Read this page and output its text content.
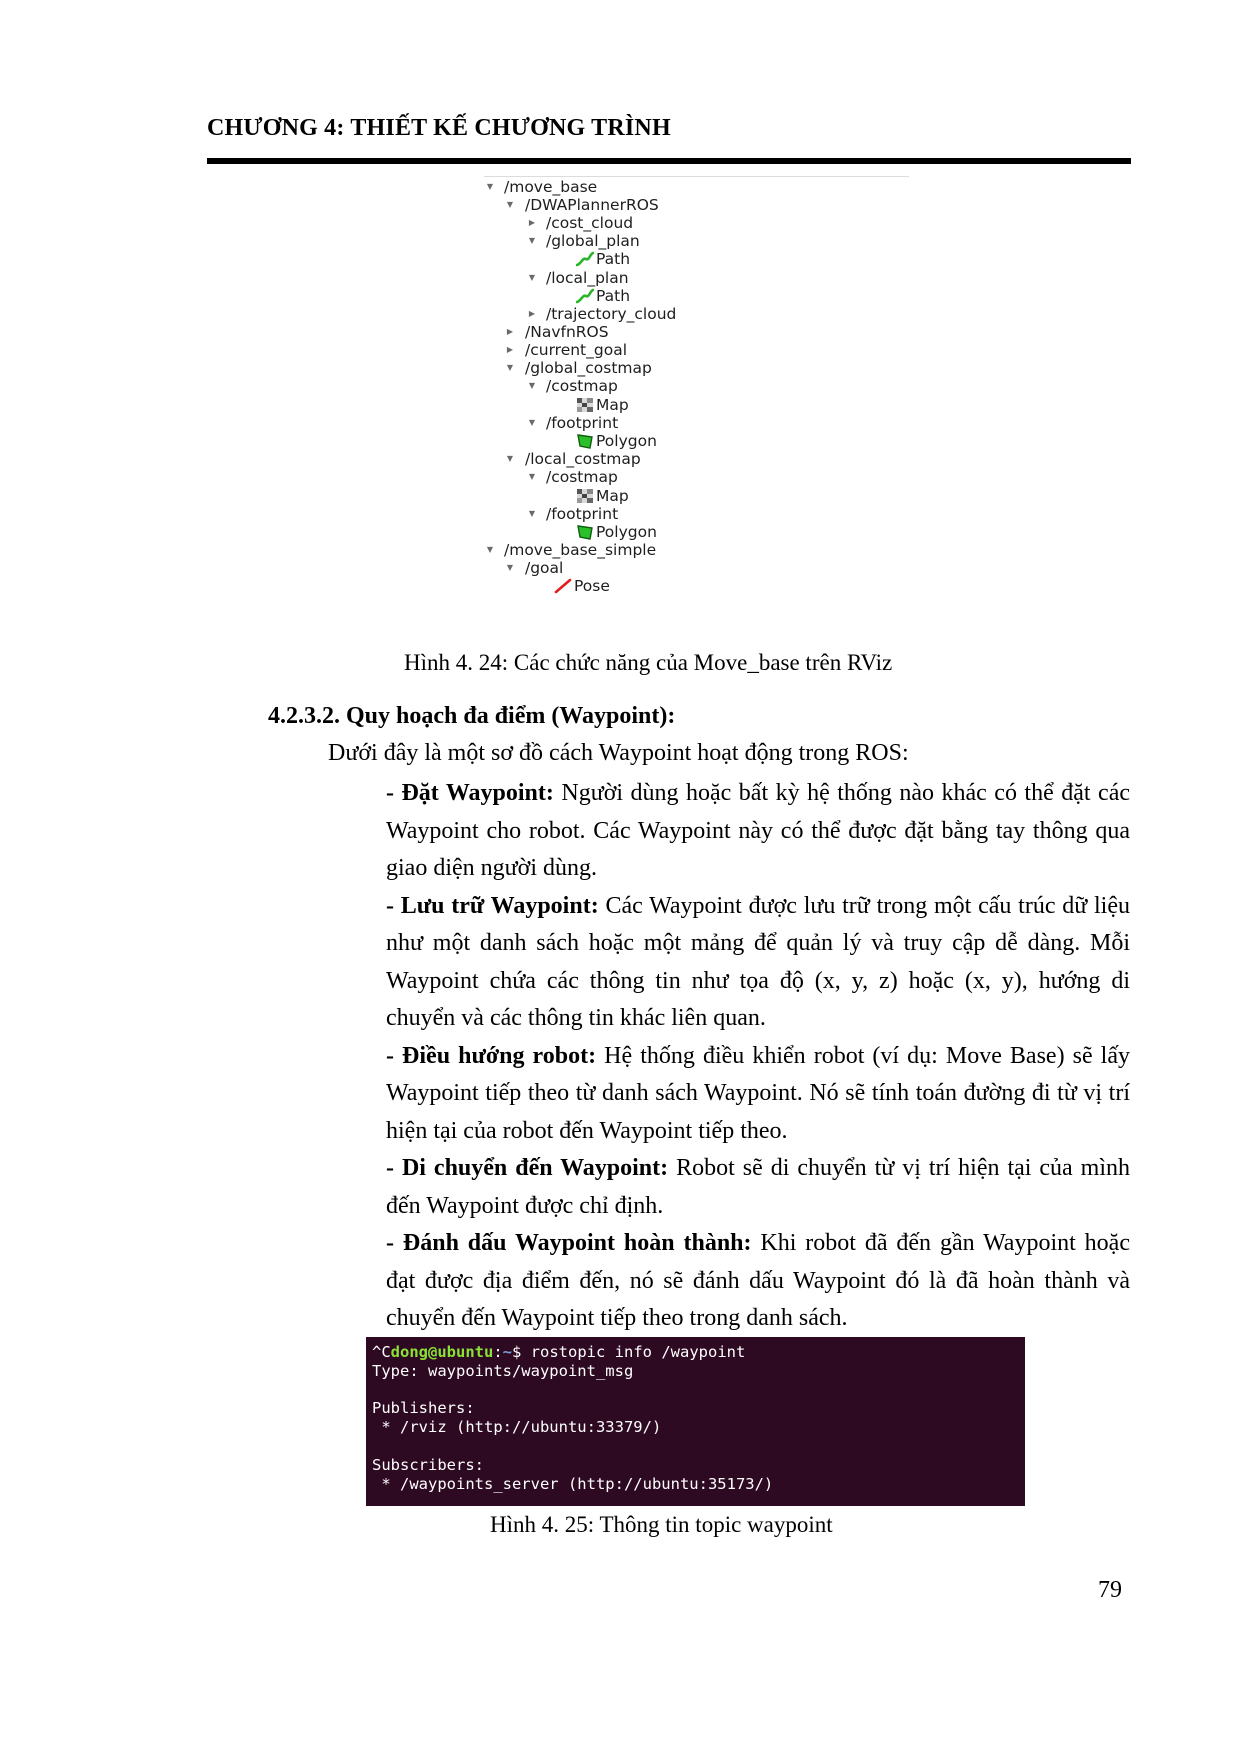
CHƯƠNG 4: THIẾT KẾ CHƯƠNG TRÌNH
▼ /move_base
▼ /DWAPlannerROS
▶ /cost_cloud
▼ /global_plan
Path
▼ /local_plan
Path
▶ /trajectory_cloud
▶ /NavfnROS
▶ /current_goal
▼ /global_costmap
▼ /costmap
Map
▼ /footprint
Polygon
▼ /local_costmap
▼ /costmap
Map
▼ /footprint
Polygon
▼ /move_base_simple
▼ /goal
Pose
Hình 4. 24: Các chức năng của Move_base trên RViz
4.2.3.2. Quy hoạch đa điểm (Waypoint):
Dưới đây là một sơ đồ cách Waypoint hoạt động trong ROS:

- Đặt Waypoint: Người dùng hoặc bất kỳ hệ thống nào khác có thể đặt các Waypoint cho robot. Các Waypoint này có thể được đặt bằng tay thông qua giao diện người dùng.

- Lưu trữ Waypoint: Các Waypoint được lưu trữ trong một cấu trúc dữ liệu như một danh sách hoặc một mảng để quản lý và truy cập dễ dàng. Mỗi Waypoint chứa các thông tin như tọa độ (x, y, z) hoặc (x, y), hướng di chuyển và các thông tin khác liên quan.

- Điều hướng robot: Hệ thống điều khiển robot (ví dụ: Move Base) sẽ lấy Waypoint tiếp theo từ danh sách Waypoint. Nó sẽ tính toán đường đi từ vị trí hiện tại của robot đến Waypoint tiếp theo.

- Di chuyển đến Waypoint: Robot sẽ di chuyển từ vị trí hiện tại của mình đến Waypoint được chỉ định.

- Đánh dấu Waypoint hoàn thành: Khi robot đã đến gần Waypoint hoặc đạt được địa điểm đến, nó sẽ đánh dấu Waypoint đó là đã hoàn thành và chuyển đến Waypoint tiếp theo trong danh sách.

^Cdong@ubuntu:~$ rostopic info /waypoint
Type: waypoints/waypoint_msg
Publishers:
* /rviz (http://ubuntu:33379/)
Subscribers:
* /waypoints_server (http://ubuntu:35173/)
Hình 4. 25: Thông tin topic waypoint
79
